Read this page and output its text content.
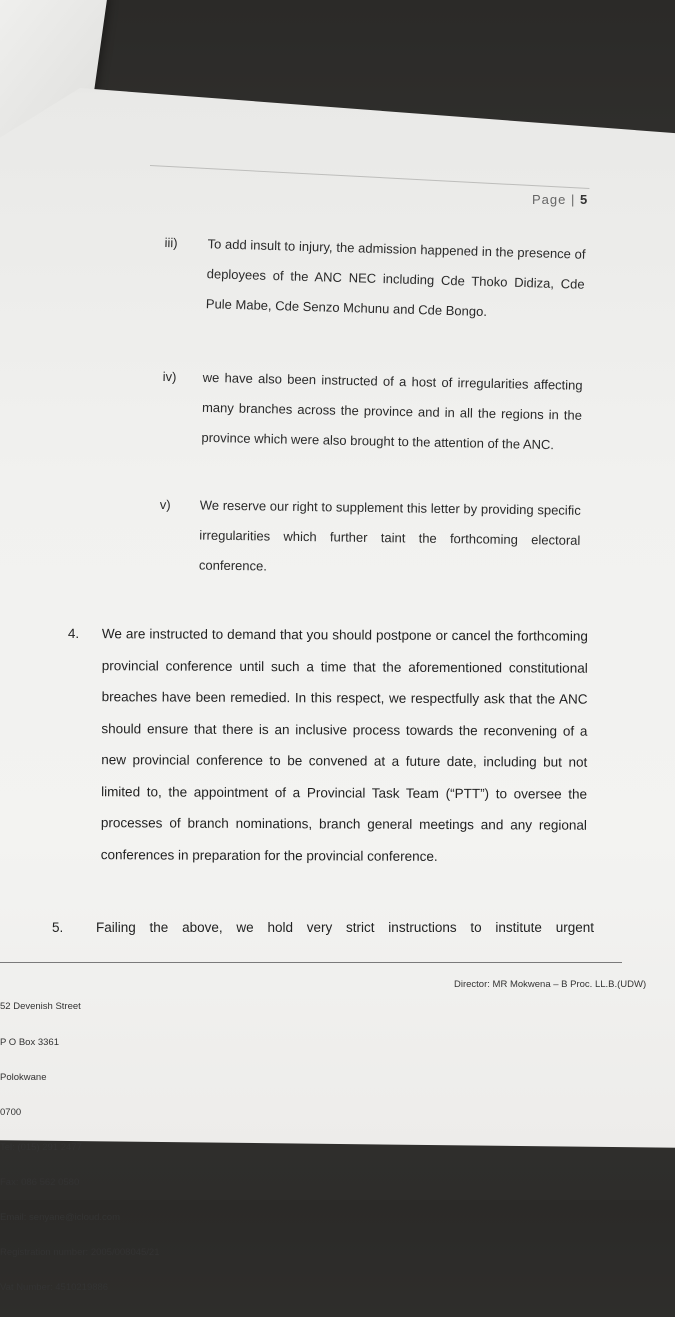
Page | 5
iii) To add insult to injury, the admission happened in the presence of deployees of the ANC NEC including Cde Thoko Didiza, Cde Pule Mabe, Cde Senzo Mchunu and Cde Bongo.
iv) we have also been instructed of a host of irregularities affecting many branches across the province and in all the regions in the province which were also brought to the attention of the ANC.
v) We reserve our right to supplement this letter by providing specific irregularities which further taint the forthcoming electoral conference.
4. We are instructed to demand that you should postpone or cancel the forthcoming provincial conference until such a time that the aforementioned constitutional breaches have been remedied. In this respect, we respectfully ask that the ANC should ensure that there is an inclusive process towards the reconvening of a new provincial conference to be convened at a future date, including but not limited to, the appointment of a Provincial Task Team (“PTT”) to oversee the processes of branch nominations, branch general meetings and any regional conferences in preparation for the provincial conference.
5. Failing the above, we hold very strict instructions to institute urgent

52 Devenish Street

P O Box 3361

Polokwane

0700

Tel: (015) 291 2477

Fax: 086 562 0580

Email: senyane@icloud.com

Registration number: 2005/008045/21

Vat Number: 4510219886

Director: MR Mokwena – B Proc. LL.B.(UDW)
